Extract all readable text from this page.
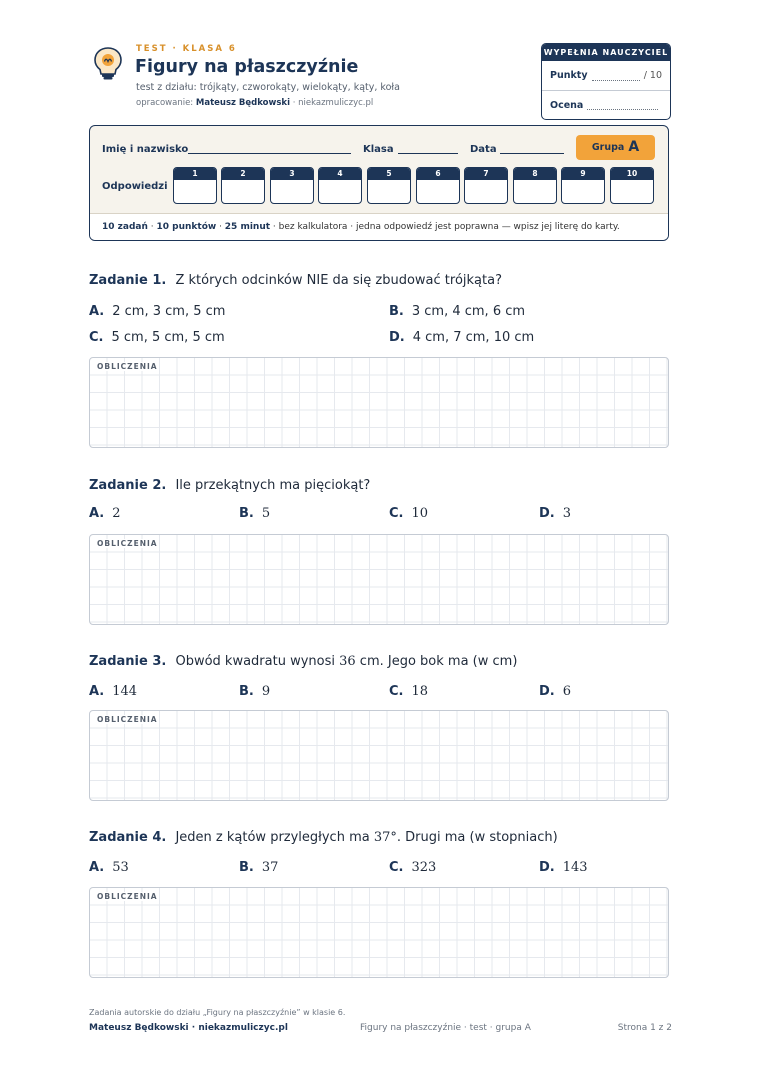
TEST · KLASA 6
Figury na płaszczyźnie
test z działu: trójkąty, czworokąty, wielokąty, kąty, koła
opracowanie: Mateusz Będkowski · niekazmuliczyc.pl
WYPEŁNIA NAUCZYCIEL
Punkty	/ 10
Ocena
Imię i nazwisko	Klasa	Data	Grupa A
Odpowiedzi
1	2	3	4	5	6	7	8	9	10
10 zadań · 10 punktów · 25 minut · bez kalkulatora · jedna odpowiedź jest poprawna — wpisz jej literę do karty.
Zadanie 1. Z których odcinków NIE da się zbudować trójkąta?
A. 2 cm, 3 cm, 5 cm	B. 3 cm, 4 cm, 6 cm
C. 5 cm, 5 cm, 5 cm	D. 4 cm, 7 cm, 10 cm
OBLICZENIA
Zadanie 2. Ile przekątnych ma pięciokąt?
A. 2	B. 5	C. 10	D. 3
OBLICZENIA
Zadanie 3. Obwód kwadratu wynosi 36 cm. Jego bok ma (w cm)
A. 144	B. 9	C. 18	D. 6
OBLICZENIA
Zadanie 4. Jeden z kątów przyległych ma 37°. Drugi ma (w stopniach)
A. 53	B. 37	C. 323	D. 143
OBLICZENIA
Zadania autorskie do działu „Figury na płaszczyźnie” w klasie 6.
Mateusz Będkowski · niekazmuliczyc.pl	Figury na płaszczyźnie · test · grupa A	Strona 1 z 2
